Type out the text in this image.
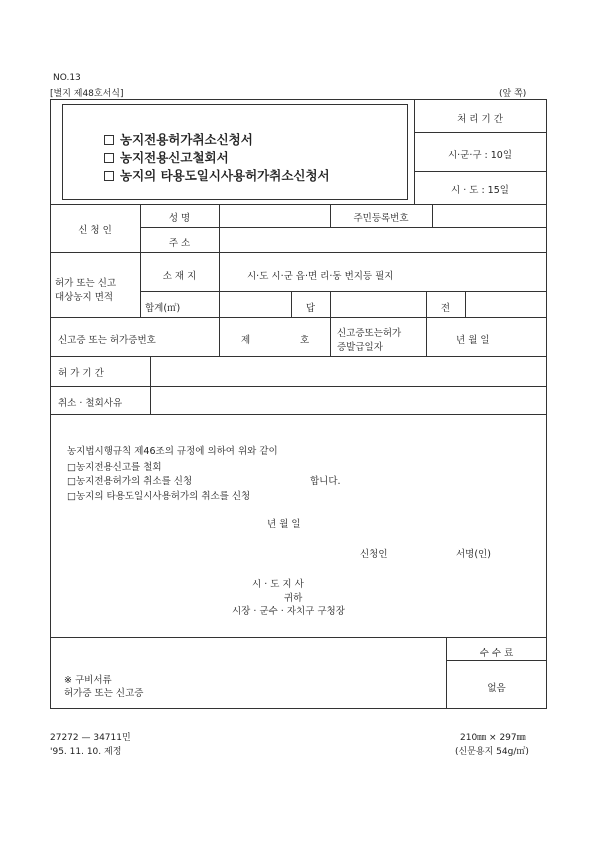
NO.13
[별지 제48호서식]	(앞 쪽)
농지전용허가취소신청서
농지전용신고철회서
농지의 타용도일시사용허가취소신청서
처 리 기 간
시·군·구 : 10일
시 · 도 : 15일
신 청 인
성 명	주민등록번호
주 소
허가 또는 신고
대상농지 면적
소 재 지	시·도 시·군 읍·면 리·동 번지등 필지
합계(㎡)	답	전
신고증 또는 허가증번호	제	호
신고증또는허가
증발급일자
년 월 일
허 가 기 간
취소 · 철회사유
농지법시행규칙 제46조의 규정에 의하여 위와 같이
□농지전용신고를 철회
□농지전용허가의 취소를 신청	합니다.
□농지의 타용도일시사용허가의 취소를 신청
년 월 일
신청인	서명(인)
시 · 도 지 사
귀하
시장 · 군수 · 자치구 구청장
※ 구비서류
허가증 또는 신고증
수 수 료
없음
27272 — 34711민
'95. 11. 10. 제정
210㎜ × 297㎜
(신문용지 54g/㎡)
